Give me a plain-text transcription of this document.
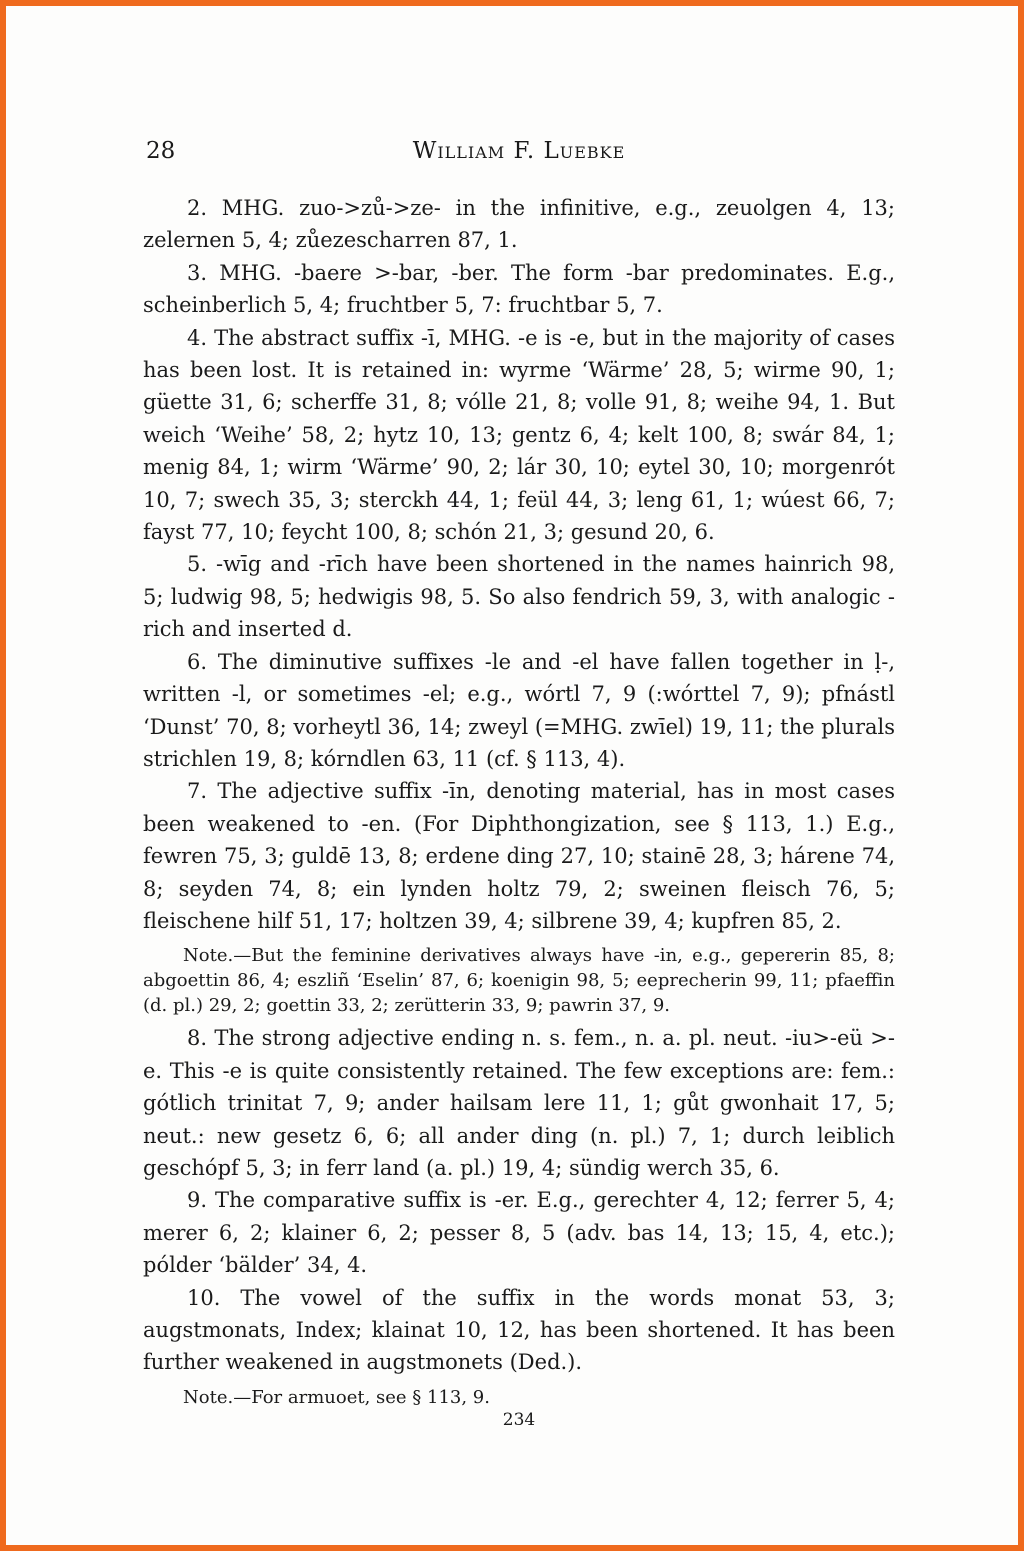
28	William F. Luebke

2. MHG. zuo->zů->ze- in the infinitive, e.g., zeuolgen 4, 13; zelernen 5, 4; zůezescharren 87, 1.

3. MHG. -baere >-bar, -ber. The form -bar predominates. E.g., scheinberlich 5, 4; fruchtber 5, 7: fruchtbar 5, 7.

4. The abstract suffix -ī, MHG. -e is -e, but in the majority of cases has been lost. It is retained in: wyrme ‘Wärme’ 28, 5; wirme 90, 1; güette 31, 6; scherffe 31, 8; vólle 21, 8; volle 91, 8; weihe 94, 1. But weich ‘Weihe’ 58, 2; hytz 10, 13; gentz 6, 4; kelt 100, 8; swár 84, 1; menig 84, 1; wirm ‘Wärme’ 90, 2; lár 30, 10; eytel 30, 10; morgenrót 10, 7; swech 35, 3; sterckh 44, 1; feül 44, 3; leng 61, 1; wúest 66, 7; fayst 77, 10; feycht 100, 8; schón 21, 3; gesund 20, 6.

5. -wīg and -rīch have been shortened in the names hainrich 98, 5; ludwig 98, 5; hedwigis 98, 5. So also fendrich 59, 3, with analogic -rich and inserted d.

6. The diminutive suffixes -le and -el have fallen together in ḷ-, written -l, or sometimes -el; e.g., wórtl 7, 9 (:wórttel 7, 9); pfnástl ‘Dunst’ 70, 8; vorheytl 36, 14; zweyl (=MHG. zwīel) 19, 11; the plurals strichlen 19, 8; kórndlen 63, 11 (cf. § 113, 4).

7. The adjective suffix -īn, denoting material, has in most cases been weakened to -en. (For Diphthongization, see § 113, 1.) E.g., fewren 75, 3; guldē 13, 8; erdene ding 27, 10; stainē 28, 3; hárene 74, 8; seyden 74, 8; ein lynden holtz 79, 2; sweinen fleisch 76, 5; fleischene hilf 51, 17; holtzen 39, 4; silbrene 39, 4; kupfren 85, 2.

Note.—But the feminine derivatives always have -in, e.g., gepererin 85, 8; abgoettin 86, 4; eszliñ ‘Eselin’ 87, 6; koenigin 98, 5; eeprecherin 99, 11; pfaeffin (d. pl.) 29, 2; goettin 33, 2; zerütterin 33, 9; pawrin 37, 9.

8. The strong adjective ending n. s. fem., n. a. pl. neut. -iu>-eü >-e. This -e is quite consistently retained. The few exceptions are: fem.: gótlich trinitat 7, 9; ander hailsam lere 11, 1; gůt gwonhait 17, 5; neut.: new gesetz 6, 6; all ander ding (n. pl.) 7, 1; durch leiblich geschópf 5, 3; in ferr land (a. pl.) 19, 4; sündig werch 35, 6.

9. The comparative suffix is -er. E.g., gerechter 4, 12; ferrer 5, 4; merer 6, 2; klainer 6, 2; pesser 8, 5 (adv. bas 14, 13; 15, 4, etc.); pólder ‘bälder’ 34, 4.

10. The vowel of the suffix in the words monat 53, 3; augstmonats, Index; klainat 10, 12, has been shortened. It has been further weakened in augstmonets (Ded.).

Note.—For armuoet, see § 113, 9.

234
